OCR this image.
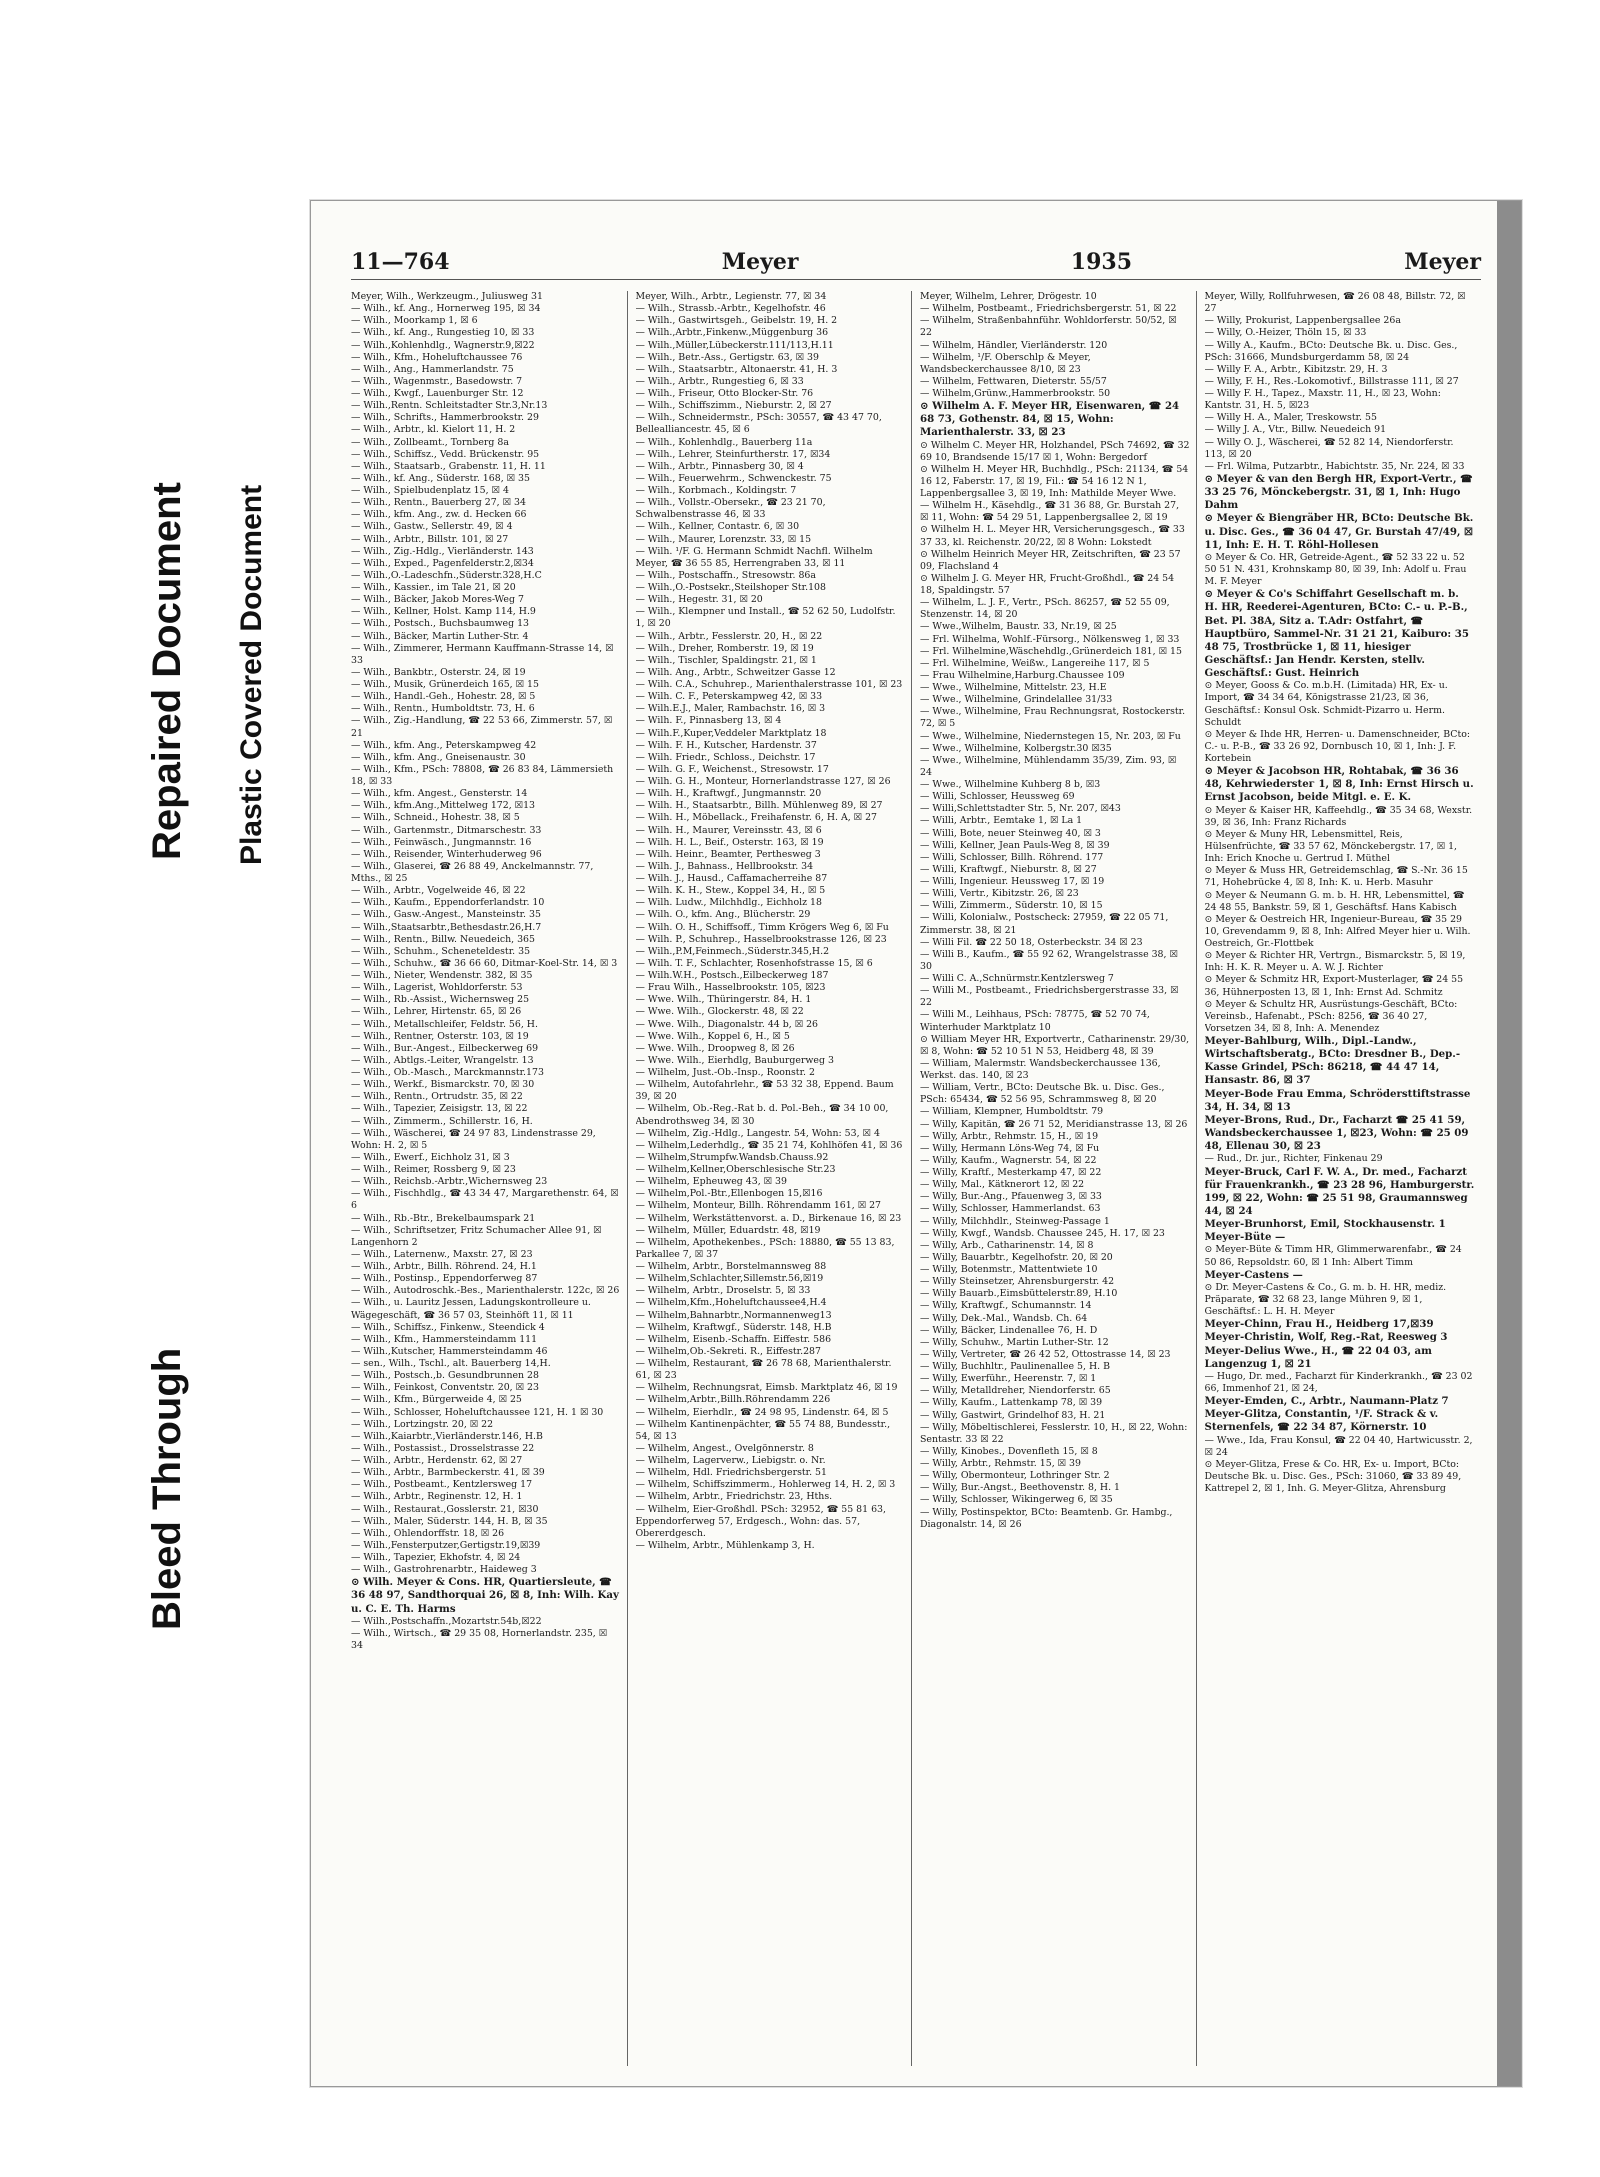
Bleed Through
Repaired Document Plastic Covered Document
11—764	Meyer	1935	Meyer

Meyer, Wilh., Werkzeugm., Juliusweg 31

— Wilh., kf. Ang., Hornerweg 195, ☒ 34

— Wilh., Moorkamp 1, ☒ 6

— Wilh., kf. Ang., Rungestieg 10, ☒ 33

— Wilh.,Kohlenhdlg., Wagnerstr.9,☒22

— Wilh., Kfm., Hoheluftchaussee 76

— Wilh., Ang., Hammerlandstr. 75

— Wilh., Wagenmstr., Basedowstr. 7

— Wilh., Kwgf., Lauenburger Str. 12

— Wilh.,Rentn. Schleitstadter Str.3,Nr.13

— Wilh., Schrifts., Hammerbrookstr. 29

— Wilh., Arbtr., kl. Kielort 11, H. 2

— Wilh., Zollbeamt., Tornberg 8a

— Wilh., Schiffsz., Vedd. Brückenstr. 95

— Wilh., Staatsarb., Grabenstr. 11, H. 11

— Wilh., kf. Ang., Süderstr. 168, ☒ 35

— Wilh., Spielbudenplatz 15, ☒ 4

— Wilh., Rentn., Bauerberg 27, ☒ 34

— Wilh., kfm. Ang., zw. d. Hecken 66

— Wilh., Gastw., Sellerstr. 49, ☒ 4

— Wilh., Arbtr., Billstr. 101, ☒ 27

— Wilh., Zig.-Hdlg., Vierländerstr. 143

— Wilh., Exped., Pagenfelderstr.2,☒34

— Wilh.,O.-Ladeschfn.,Süderstr.328,H.C

— Wilh., Kassier., im Tale 21, ☒ 20

— Wilh., Bäcker, Jakob Mores-Weg 7

— Wilh., Kellner, Holst. Kamp 114, H.9

— Wilh., Postsch., Buchsbaumweg 13

— Wilh., Bäcker, Martin Luther-Str. 4

— Wilh., Zimmerer, Hermann Kauffmann-Strasse 14, ☒ 33

— Wilh., Bankbtr., Osterstr. 24, ☒ 19

— Wilh., Musik, Grünerdeich 165, ☒ 15

— Wilh., Handl.-Geh., Hohestr. 28, ☒ 5

— Wilh., Rentn., Humboldtstr. 73, H. 6

— Wilh., Zig.-Handlung, ☎ 22 53 66, Zimmerstr. 57, ☒ 21

— Wilh., kfm. Ang., Peterskampweg 42

— Wilh., kfm. Ang., Gneisenaustr. 30

— Wilh., Kfm., PSch: 78808, ☎ 26 83 84, Lämmersieth 18, ☒ 33

— Wilh., kfm. Angest., Gensterstr. 14

— Wilh., kfm.Ang.,Mittelweg 172, ☒13

— Wilh., Schneid., Hohestr. 38, ☒ 5

— Wilh., Gartenmstr., Ditmarschestr. 33

— Wilh., Feinwäsch., Jungmannstr. 16

— Wilh., Reisender, Winterhuderweg 96

— Wilh., Glaserei, ☎ 26 88 49, Anckelmannstr. 77, Mths., ☒ 25

— Wilh., Arbtr., Vogelweide 46, ☒ 22

— Wilh., Kaufm., Eppendorferlandstr. 10

— Wilh., Gasw.-Angest., Mansteinstr. 35

— Wilh.,Staatsarbtr.,Bethesdastr.26,H.7

— Wilh., Rentn., Billw. Neuedeich, 365

— Wilh., Schuhm., Scheneteldestr. 35

— Wilh., Schuhw., ☎ 36 66 60, Ditmar-Koel-Str. 14, ☒ 3

— Wilh., Nieter, Wendenstr. 382, ☒ 35

— Wilh., Lagerist, Wohldorferstr. 53

— Wilh., Rb.-Assist., Wichernsweg 25

— Wilh., Lehrer, Hirtenstr. 65, ☒ 26

— Wilh., Metallschleifer, Feldstr. 56, H.

— Wilh., Rentner, Osterstr. 103, ☒ 19

— Wilh., Bur.-Angest., Eilbeckerweg 69

— Wilh., Abtlgs.-Leiter, Wrangelstr. 13

— Wilh., Ob.-Masch., Marckmannstr.173

— Wilh., Werkf., Bismarckstr. 70, ☒ 30

— Wilh., Rentn., Ortrudstr. 35, ☒ 22

— Wilh., Tapezier, Zeisigstr. 13, ☒ 22

— Wilh., Zimmerm., Schillerstr. 16, H.

— Wilh., Wäscherei, ☎ 24 97 83, Lindenstrasse 29, Wohn: H. 2, ☒ 5

— Wilh., Ewerf., Eichholz 31, ☒ 3

— Wilh., Reimer, Rossberg 9, ☒ 23

— Wilh., Reichsb.-Arbtr.,Wichernsweg 23

— Wilh., Fischhdlg., ☎ 43 34 47, Margarethenstr. 64, ☒ 6

— Wilh., Rb.-Btr., Brekelbaumspark 21

— Wilh., Schriftsetzer, Fritz Schumacher Allee 91, ☒ Langenhorn 2

— Wilh., Laternenw., Maxstr. 27, ☒ 23

— Wilh., Arbtr., Billh. Röhrend. 24, H.1

— Wilh., Postinsp., Eppendorferweg 87

— Wilh., Autodroschk.-Bes., Marienthalerstr. 122c, ☒ 26

— Wilh., u. Lauritz Jessen, Ladungskontrolleure u. Wägegeschäft, ☎ 36 57 03, Steinhöft 11, ☒ 11

— Wilh., Schiffsz., Finkenw., Steendick 4

— Wilh., Kfm., Hammersteindamm 111

— Wilh.,Kutscher, Hammersteindamm 46

— sen., Wilh., Tschl., alt. Bauerberg 14,H.

— Wilh., Postsch.,b. Gesundbrunnen 28

— Wilh., Feinkost, Conventstr. 20, ☒ 23

— Wilh., Kfm., Bürgerweide 4, ☒ 25

— Wilh., Schlosser, Hoheluftchaussee 121, H. 1 ☒ 30

— Wilh., Lortzingstr. 20, ☒ 22

— Wilh.,Kaiarbtr.,Vierländerstr.146, H.B

— Wilh., Postassist., Drosselstrasse 22

— Wilh., Arbtr., Herdenstr. 62, ☒ 27

— Wilh., Arbtr., Barmbeckerstr. 41, ☒ 39

— Wilh., Postbeamt., Kentzlersweg 17

— Wilh., Arbtr., Reginenstr. 12, H. 1

— Wilh., Restaurat.,Gosslerstr. 21, ☒30

— Wilh., Maler, Süderstr. 144, H. B, ☒ 35

— Wilh., Ohlendorffstr. 18, ☒ 26

— Wilh.,Fensterputzer,Gertigstr.19,☒39

— Wilh., Tapezier, Ekhofstr. 4, ☒ 24

— Wilh., Gastrohrenarbtr., Haideweg 3

⊙ Wilh. Meyer & Cons. HR, Quartiersleute, ☎ 36 48 97, Sandthorquai 26, ☒ 8, Inh: Wilh. Kay u. C. E. Th. Harms

— Wilh.,Postschaffn.,Mozartstr.54b,☒22

— Wilh., Wirtsch., ☎ 29 35 08, Hornerlandstr. 235, ☒ 34

Meyer, Wilh., Arbtr., Legienstr. 77, ☒ 34

— Wilh., Strassb.-Arbtr., Kegelhofstr. 46

— Wilh., Gastwirtsgeh., Geibelstr. 19, H. 2

— Wilh.,Arbtr.,Finkenw.,Müggenburg 36

— Wilh.,Müller,Lübeckerstr.111/113,H.11

— Wilh., Betr.-Ass., Gertigstr. 63, ☒ 39

— Wilh., Staatsarbtr., Altonaerstr. 41, H. 3

— Wilh., Arbtr., Rungestieg 6, ☒ 33

— Wilh., Friseur, Otto Blocker-Str. 76

— Wilh., Schiffszimm., Nieburstr. 2, ☒ 27

— Wilh., Schneidermstr., PSch: 30557, ☎ 43 47 70, Bellealliancestr. 45, ☒ 6

— Wilh., Kohlenhdlg., Bauerberg 11a

— Wilh., Lehrer, Steinfurtherstr. 17, ☒34

— Wilh., Arbtr., Pinnasberg 30, ☒ 4

— Wilh., Feuerwehrm., Schwenckestr. 75

— Wilh., Korbmach., Koldingstr. 7

— Wilh., Vollstr.-Obersekr., ☎ 23 21 70, Schwalbenstrasse 46, ☒ 33

— Wilh., Kellner, Contastr. 6, ☒ 30

— Wilh., Maurer, Lorenzstr. 33, ☒ 15

— Wilh. ¹/F. G. Hermann Schmidt Nachfl. Wilhelm Meyer, ☎ 36 55 85, Herrengraben 33, ☒ 11

— Wilh., Postschaffn., Stresowstr. 86a

— Wilh.,O.-Postsekr.,Steilshoper Str.108

— Wilh., Hegestr. 31, ☒ 20

— Wilh., Klempner und Install., ☎ 52 62 50, Ludolfstr. 1, ☒ 20

— Wilh., Arbtr., Fesslerstr. 20, H., ☒ 22

— Wilh., Dreher, Romberstr. 19, ☒ 19

— Wilh., Tischler, Spaldingstr. 21, ☒ 1

— Wilh. Ang., Arbtr., Schweitzer Gasse 12

— Wilh. C.A., Schuhrep., Marienthalerstrasse 101, ☒ 23

— Wilh. C. F., Peterskampweg 42, ☒ 33

— Wilh.E.J., Maler, Rambachstr. 16, ☒ 3

— Wilh. F., Pinnasberg 13, ☒ 4

— Wilh.F.,Kuper,Veddeler Marktplatz 18

— Wilh. F. H., Kutscher, Hardenstr. 37

— Wilh. Friedr., Schloss., Deichstr. 17

— Wilh. G. F., Weichenst., Stresowstr. 17

— Wilh. G. H., Monteur, Hornerlandstrasse 127, ☒ 26

— Wilh. H., Kraftwgf., Jungmannstr. 20

— Wilh. H., Staatsarbtr., Billh. Mühlenweg 89, ☒ 27

— Wilh. H., Möbellack., Freihafenstr. 6, H. A, ☒ 27

— Wilh. H., Maurer, Vereinsstr. 43, ☒ 6

— Wilh. H. L., Beif., Osterstr. 163, ☒ 19

— Wilh. Heinr., Beamter, Perthesweg 3

— Wilh. J., Bahnass., Hellbrookstr. 34

— Wilh. J., Hausd., Caffamacherreihe 87

— Wilh. K. H., Stew., Koppel 34, H., ☒ 5

— Wilh. Ludw., Milchhdlg., Eichholz 18

— Wilh. O., kfm. Ang., Blücherstr. 29

— Wilh. O. H., Schiffsoff., Timm Krögers Weg 6, ☒ Fu

— Wilh. P., Schuhrep., Hasselbrookstrasse 126, ☒ 23

— Wilh.,P.M,Feinmech.,Süderstr.345,H.2

— Wilh. T. F., Schlachter, Rosenhofstrasse 15, ☒ 6

— Wilh.W.H., Postsch.,Eilbeckerweg 187

— Frau Wilh., Hasselbrookstr. 105, ☒23

— Wwe. Wilh., Thüringerstr. 84, H. 1

— Wwe. Wilh., Glockerstr. 48, ☒ 22

— Wwe. Wilh., Diagonalstr. 44 b, ☒ 26

— Wwe. Wilh., Koppel 6, H., ☒ 5

— Wwe. Wilh., Droopweg 8, ☒ 26

— Wwe. Wilh., Eierhdlg, Bauburgerweg 3

— Wilhelm, Just.-Ob.-Insp., Roonstr. 2

— Wilhelm, Autofahrlehr., ☎ 53 32 38, Eppend. Baum 39, ☒ 20

— Wilhelm, Ob.-Reg.-Rat b. d. Pol.-Beh., ☎ 34 10 00, Abendrothsweg 34, ☒ 30

— Wilhelm, Zig.-Hdlg., Langestr. 54, Wohn: 53, ☒ 4

— Wilhelm,Lederhdlg., ☎ 35 21 74, Kohlhöfen 41, ☒ 36

— Wilhelm,Strumpfw.Wandsb.Chauss.92

— Wilhelm,Kellner,Oberschlesische Str.23

— Wilhelm, Epheuweg 43, ☒ 39

— Wilhelm,Pol.-Btr.,Ellenbogen 15,☒16

— Wilhelm, Monteur, Billh. Röhrendamm 161, ☒ 27

— Wilhelm, Werkstättenvorst. a. D., Birkenaue 16, ☒ 23

— Wilhelm, Müller, Eduardstr. 48, ☒19

— Wilhelm, Apothekenbes., PSch: 18880, ☎ 55 13 83, Parkallee 7, ☒ 37

— Wilhelm, Arbtr., Borstelmannsweg 88

— Wilhelm,Schlachter,Sillemstr.56,☒19

— Wilhelm, Arbtr., Droselstr. 5, ☒ 33

— Wilhelm,Kfm.,Hoheluftchaussee4,H.4

— Wilhelm,Bahnarbtr.,Normannenweg13

— Wilhelm, Kraftwgf., Süderstr. 148, H.B

— Wilhelm, Eisenb.-Schaffn. Eiffestr. 586

— Wilhelm,Ob.-Sekreti. R., Eiffestr.287

— Wilhelm, Restaurant, ☎ 26 78 68, Marienthalerstr. 61, ☒ 23

— Wilhelm, Rechnungsrat, Eimsb. Marktplatz 46, ☒ 19

— Wilhelm,Arbtr.,Billh.Röhrendamm 226

— Wilhelm, Eierhdlr., ☎ 24 98 95, Lindenstr. 64, ☒ 5

— Wilhelm Kantinenpächter, ☎ 55 74 88, Bundesstr., 54, ☒ 13

— Wilhelm, Angest., Ovelgönnerstr. 8

— Wilhelm, Lagerverw., Liebigstr. o. Nr.

— Wilhelm, Hdl. Friedrichsbergerstr. 51

— Wilhelm, Schiffszimmerm., Hohlerweg 14, H. 2, ☒ 3

— Wilhelm, Arbtr., Friedrichstr. 23, Hths.

— Wilhelm, Eier-Großhdl. PSch: 32952, ☎ 55 81 63, Eppendorferweg 57, Erdgesch., Wohn: das. 57, Obererdgesch.

— Wilhelm, Arbtr., Mühlenkamp 3, H.

Meyer, Wilhelm, Lehrer, Drögestr. 10

— Wilhelm, Postbeamt., Friedrichsbergerstr. 51, ☒ 22

— Wilhelm, Straßenbahnführ. Wohldorferstr. 50/52, ☒ 22

— Wilhelm, Händler, Vierländerstr. 120

— Wilhelm, ¹/F. Oberschlp & Meyer, Wandsbeckerchaussee 8/10, ☒ 23

— Wilhelm, Fettwaren, Dieterstr. 55/57

— Wilhelm,Grünw.,Hammerbrookstr. 50

⊙ Wilhelm A. F. Meyer HR, Eisenwaren, ☎ 24 68 73, Gothenstr. 84, ☒ 15, Wohn: Marienthalerstr. 33, ☒ 23

⊙ Wilhelm C. Meyer HR, Holzhandel, PSch 74692, ☎ 32 69 10, Brandsende 15/17 ☒ 1, Wohn: Bergedorf

⊙ Wilhelm H. Meyer HR, Buchhdlg., PSch: 21134, ☎ 54 16 12, Faberstr. 17, ☒ 19, Fil.: ☎ 54 16 12 N 1, Lappenbergsallee 3, ☒ 19, Inh: Mathilde Meyer Wwe.

— Wilhelm H., Käsehdlg., ☎ 31 36 88, Gr. Burstah 27, ☒ 11, Wohn: ☎ 54 29 51, Lappenbergsallee 2, ☒ 19

⊙ Wilhelm H. L. Meyer HR, Versicherungsgesch., ☎ 33 37 33, kl. Reichenstr. 20/22, ☒ 8 Wohn: Lokstedt

⊙ Wilhelm Heinrich Meyer HR, Zeitschriften, ☎ 23 57 09, Flachsland 4

⊙ Wilhelm J. G. Meyer HR, Frucht-Großhdl., ☎ 24 54 18, Spaldingstr. 57

— Wilhelm, L. J. F., Vertr., PSch. 86257, ☎ 52 55 09, Stenzenstr. 14, ☒ 20

— Wwe.,Wilhelm, Baustr. 33, Nr.19, ☒ 25

— Frl. Wilhelma, Wohlf.-Fürsorg., Nölkensweg 1, ☒ 33

— Frl. Wilhelmine,Wäschehdlg.,Grünerdeich 181, ☒ 15

— Frl. Wilhelmine, Weißw., Langereihe 117, ☒ 5

— Frau Wilhelmine,Harburg.Chaussee 109

— Wwe., Wilhelmine, Mittelstr. 23, H.E

— Wwe., Wilhelmine, Grindelallee 31/33

— Wwe., Wilhelmine, Frau Rechnungsrat, Rostockerstr. 72, ☒ 5

— Wwe., Wilhelmine, Niedernstegen 15, Nr. 203, ☒ Fu

— Wwe., Wilhelmine, Kolbergstr.30 ☒35

— Wwe., Wilhelmine, Mühlendamm 35/39, Zim. 93, ☒ 24

— Wwe., Wilhelmine Kuhberg 8 b, ☒3

— Willi, Schlosser, Heussweg 69

— Willi,Schlettstadter Str. 5, Nr. 207, ☒43

— Willi, Arbtr., Eemtake 1, ☒ La 1

— Willi, Bote, neuer Steinweg 40, ☒ 3

— Willi, Kellner, Jean Pauls-Weg 8, ☒ 39

— Willi, Schlosser, Billh. Röhrend. 177

— Willi, Kraftwgf., Nieburstr. 8, ☒ 27

— Willi, Ingenieur. Heussweg 17, ☒ 19

— Willi, Vertr., Kibitzstr. 26, ☒ 23

— Willi, Zimmerm., Süderstr. 10, ☒ 15

— Willi, Kolonialw., Postscheck: 27959, ☎ 22 05 71, Zimmerstr. 38, ☒ 21

— Willi Fil. ☎ 22 50 18, Osterbeckstr. 34 ☒ 23

— Willi B., Kaufm., ☎ 55 92 62, Wrangelstrasse 38, ☒ 30

— Willi C. A.,Schnürmstr.Kentzlersweg 7

— Willi M., Postbeamt., Friedrichsbergerstrasse 33, ☒ 22

— Willi M., Leihhaus, PSch: 78775, ☎ 52 70 74, Winterhuder Marktplatz 10

⊙ William Meyer HR, Exportvertr., Catharinenstr. 29/30, ☒ 8, Wohn: ☎ 52 10 51 N 53, Heidberg 48, ☒ 39

— William, Malermstr. Wandsbeckerchaussee 136, Werkst. das. 140, ☒ 23

— William, Vertr., BCto: Deutsche Bk. u. Disc. Ges., PSch: 65434, ☎ 52 56 95, Schrammsweg 8, ☒ 20

— William, Klempner, Humboldtstr. 79

— Willy, Kapitän, ☎ 26 71 52, Meridianstrasse 13, ☒ 26

— Willy, Arbtr., Rehmstr. 15, H., ☒ 19

— Willy, Hermann Löns-Weg 74, ☒ Fu

— Willy, Kaufm., Wagnerstr. 54, ☒ 22

— Willy, Kraftf., Mesterkamp 47, ☒ 22

— Willy, Mal., Kätknerort 12, ☒ 22

— Willy, Bur.-Ang., Pfauenweg 3, ☒ 33

— Willy, Schlosser, Hammerlandst. 63

— Willy, Milchhdlr., Steinweg-Passage 1

— Willy, Kwgf., Wandsb. Chaussee 245, H. 17, ☒ 23

— Willy, Arb., Catharinenstr. 14, ☒ 8

— Willy, Bauarbtr., Kegelhofstr. 20, ☒ 20

— Willy, Botenmstr., Mattentwiete 10

— Willy Steinsetzer, Ahrensburgerstr. 42

— Willy Bauarb.,Eimsbüttelerstr.89, H.10

— Willy, Kraftwgf., Schumannstr. 14

— Willy, Dek.-Mal., Wandsb. Ch. 64

— Willy, Bäcker, Lindenallee 76, H. D

— Willy, Schuhw., Martin Luther-Str. 12

— Willy, Vertreter, ☎ 26 42 52, Ottostrasse 14, ☒ 23

— Willy, Buchhltr., Paulinenallee 5, H. B

— Willy, Ewerführ., Heerenstr. 7, ☒ 1

— Willy, Metalldreher, Niendorferstr. 65

— Willy, Kaufm., Lattenkamp 78, ☒ 39

— Willy, Gastwirt, Grindelhof 83, H. 21

— Willy, Möbeltischlerei, Fesslerstr. 10, H., ☒ 22, Wohn: Sentastr. 33 ☒ 22

— Willy, Kinobes., Dovenfleth 15, ☒ 8

— Willy, Arbtr., Rehmstr. 15, ☒ 39

— Willy, Obermonteur, Lothringer Str. 2

— Willy, Bur.-Angst., Beethovenstr. 8, H. 1

— Willy, Schlosser, Wikingerweg 6, ☒ 35

— Willy, Postinspektor, BCto: Beamtenb. Gr. Hambg., Diagonalstr. 14, ☒ 26

Meyer, Willy, Rollfuhrwesen, ☎ 26 08 48, Billstr. 72, ☒ 27

— Willy, Prokurist, Lappenbergsallee 26a

— Willy, O.-Heizer, Thöln 15, ☒ 33

— Willy A., Kaufm., BCto: Deutsche Bk. u. Disc. Ges., PSch: 31666, Mundsburgerdamm 58, ☒ 24

— Willy F. A., Arbtr., Kibitzstr. 29, H. 3

— Willy, F. H., Res.-Lokomotivf., Billstrasse 111, ☒ 27

— Willy F. H., Tapez., Maxstr. 11, H., ☒ 23, Wohn: Kantstr. 31, H. 5, ☒23

— Willy H. A., Maler, Treskowstr. 55

— Willy J. A., Vtr., Billw. Neuedeich 91

— Willy O. J., Wäscherei, ☎ 52 82 14, Niendorferstr. 113, ☒ 20

— Frl. Wilma, Putzarbtr., Habichtstr. 35, Nr. 224, ☒ 33

⊙ Meyer & van den Bergh HR, Export-Vertr., ☎ 33 25 76, Mönckebergstr. 31, ☒ 1, Inh: Hugo Dahm

⊙ Meyer & Biengräber HR, BCto: Deutsche Bk. u. Disc. Ges., ☎ 36 04 47, Gr. Burstah 47/49, ☒ 11, Inh: E. H. T. Röhl-Hollesen

⊙ Meyer & Co. HR, Getreide-Agent., ☎ 52 33 22 u. 52 50 51 N. 431, Krohnskamp 80, ☒ 39, Inh: Adolf u. Frau M. F. Meyer

⊙ Meyer & Co's Schiffahrt Gesellschaft m. b. H. HR, Reederei-Agenturen, BCto: C.- u. P.-B., Bet. Pl. 38A, Sitz a. T.Adr: Ostfahrt, ☎ Hauptbüro, Sammel-Nr. 31 21 21, Kaiburo: 35 48 75, Trostbrücke 1, ☒ 11, hiesiger Geschäftsf.: Jan Hendr. Kersten, stellv. Geschäftsf.: Gust. Heinrich

⊙ Meyer, Gooss & Co. m.b.H. (Limitada) HR, Ex- u. Import, ☎ 34 34 64, Königstrasse 21/23, ☒ 36, Geschäftsf.: Konsul Osk. Schmidt-Pizarro u. Herm. Schuldt

⊙ Meyer & Ihde HR, Herren- u. Damenschneider, BCto: C.- u. P.-B., ☎ 33 26 92, Dornbusch 10, ☒ 1, Inh: J. F. Kortebein

⊙ Meyer & Jacobson HR, Rohtabak, ☎ 36 36 48, Kehrwiederstег 1, ☒ 8, Inh: Ernst Hirsch u. Ernst Jacobson, beide Mitgl. e. E. K.

⊙ Meyer & Kaiser HR, Kaffeehdlg., ☎ 35 34 68, Wexstr. 39, ☒ 36, Inh: Franz Richards

⊙ Meyer & Muny HR, Lebensmittel, Reis, Hülsenfrüchte, ☎ 33 57 62, Mönckebergstr. 17, ☒ 1, Inh: Erich Knoche u. Gertrud I. Müthel

⊙ Meyer & Muss HR, Getreidemschlag, ☎ S.-Nr. 36 15 71, Hohebrücke 4, ☒ 8, Inh: K. u. Herb. Masuhr

⊙ Meyer & Neumann G. m. b. H. HR, Lebensmittel, ☎ 24 48 55, Bankstr. 59, ☒ 1, Geschäftsf. Hans Kabisch

⊙ Meyer & Oestreich HR, Ingenieur-Bureau, ☎ 35 29 10, Grevendamm 9, ☒ 8, Inh: Alfred Meyer hier u. Wilh. Oestreich, Gr.-Flottbek

⊙ Meyer & Richter HR, Vertrgn., Bismarckstr. 5, ☒ 19, Inh: H. K. R. Meyer u. A. W. J. Richter

⊙ Meyer & Schmitz HR, Export-Musterlager, ☎ 24 55 36, Hühnerposten 13, ☒ 1, Inh: Ernst Ad. Schmitz

⊙ Meyer & Schultz HR, Ausrüstungs-Geschäft, BCto: Vereinsb., Hafenabt., PSch: 8256, ☎ 36 40 27, Vorsetzen 34, ☒ 8, Inh: A. Menendez

Meyer-Bahlburg, Wilh., Dipl.-Landw., Wirtschaftsberatg., BCto: Dresdner B., Dep.-Kasse Grindel, PSch: 86218, ☎ 44 47 14, Hansastr. 86, ☒ 37

Meyer-Bode Frau Emma, Schrödersttiftstrasse 34, H. 34, ☒ 13

Meyer-Brons, Rud., Dr., Facharzt ☎ 25 41 59, Wandsbeckerchaussee 1, ☒23, Wohn: ☎ 25 09 48, Ellenau 30, ☒ 23

— Rud., Dr. jur., Richter, Finkenau 29

Meyer-Bruck, Carl F. W. A., Dr. med., Facharzt für Frauenkrankh., ☎ 23 28 96, Hamburgerstr. 199, ☒ 22, Wohn: ☎ 25 51 98, Graumannsweg 44, ☒ 24

Meyer-Brunhorst, Emil, Stockhausenstr. 1

Meyer-Büte —

⊙ Meyer-Büte & Timm HR, Glimmerwarenfabr., ☎ 24 50 86, Repsoldstr. 60, ☒ 1 Inh: Albert Timm

Meyer-Castens —

⊙ Dr. Meyer-Castens & Co., G. m. b. H. HR, mediz. Präparate, ☎ 32 68 23, lange Mühren 9, ☒ 1, Geschäftsf.: L. H. H. Meyer

Meyer-Chinn, Frau H., Heidberg 17,☒39

Meyer-Christin, Wolf, Reg.-Rat, Reesweg 3

Meyer-Delius Wwe., H., ☎ 22 04 03, am Langenzug 1, ☒ 21

— Hugo, Dr. med., Facharzt für Kinderkrankh., ☎ 23 02 66, Immenhof 21, ☒ 24,

Meyer-Emden, C., Arbtr., Naumann-Platz 7

Meyer-Glitza, Constantin, ¹/F. Strack & v. Sternenfels, ☎ 22 34 87, Körnerstr. 10

— Wwe., Ida, Frau Konsul, ☎ 22 04 40, Hartwicusstr. 2, ☒ 24

⊙ Meyer-Glitza, Frese & Co. HR, Ex- u. Import, BCto: Deutsche Bk. u. Disc. Ges., PSch: 31060, ☎ 33 89 49, Kattrepel 2, ☒ 1, Inh. G. Meyer-Glitza, Ahrensburg
